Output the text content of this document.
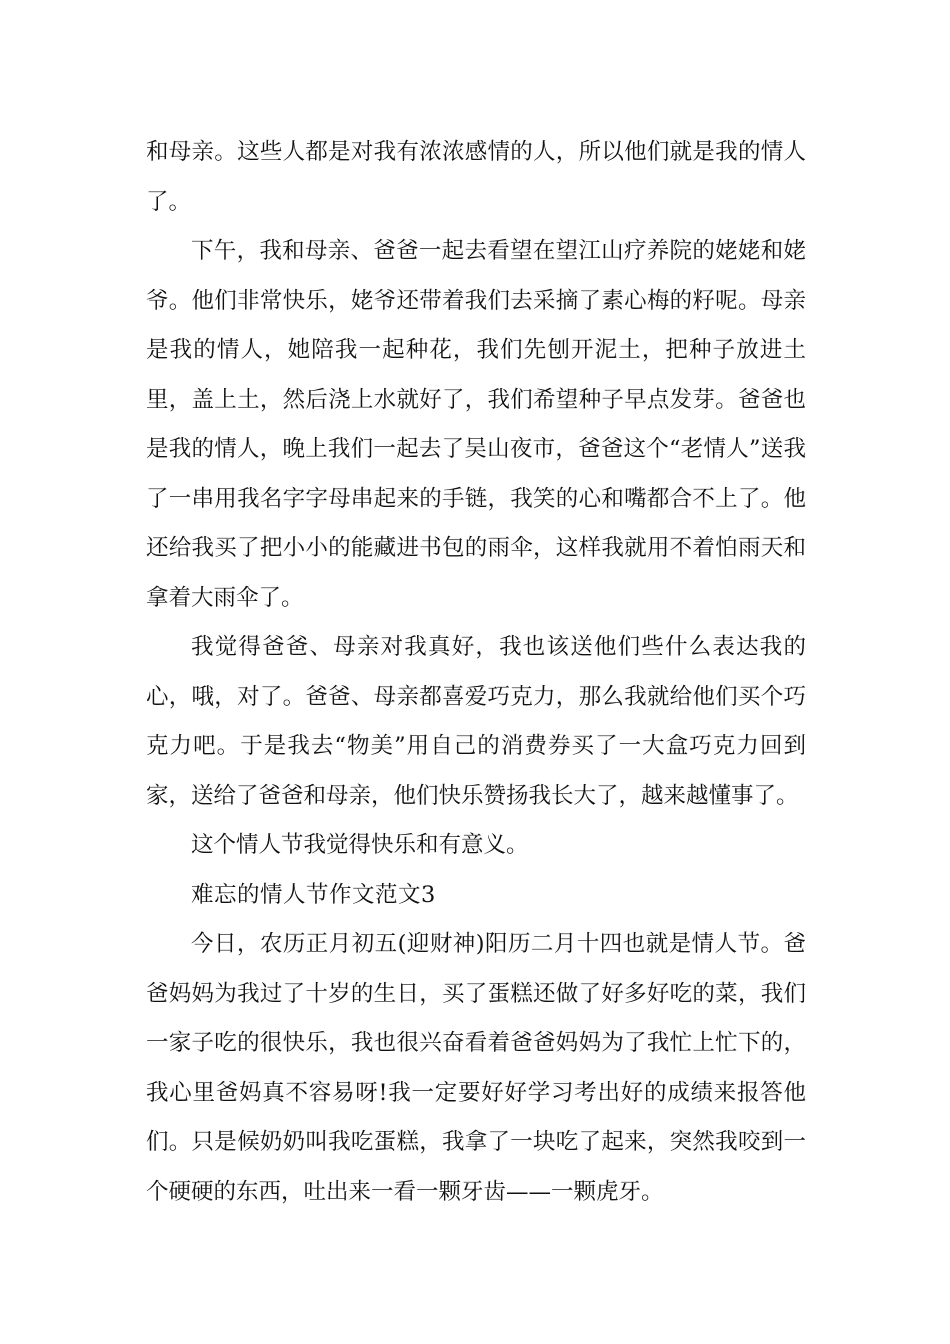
和母亲。这些人都是对我有浓浓感情的人，所以他们就是我的情人了。

下午，我和母亲、爸爸一起去看望在望江山疗养院的姥姥和姥爷。他们非常快乐，姥爷还带着我们去采摘了素心梅的籽呢。母亲是我的情人，她陪我一起种花，我们先刨开泥土，把种子放进土里，盖上土，然后浇上水就好了，我们希望种子早点发芽。爸爸也是我的情人，晚上我们一起去了吴山夜市，爸爸这个“老情人”送我了一串用我名字字母串起来的手链，我笑的心和嘴都合不上了。他还给我买了把小小的能藏进书包的雨伞，这样我就用不着怕雨天和拿着大雨伞了。

我觉得爸爸、母亲对我真好，我也该送他们些什么表达我的心，哦，对了。爸爸、母亲都喜爱巧克力，那么我就给他们买个巧克力吧。于是我去“物美”用自己的消费券买了一大盒巧克力回到家，送给了爸爸和母亲，他们快乐赞扬我长大了，越来越懂事了。

这个情人节我觉得快乐和有意义。

难忘的情人节作文范文3

今日，农历正月初五(迎财神)阳历二月十四也就是情人节。爸爸妈妈为我过了十岁的生日，买了蛋糕还做了好多好吃的菜，我们一家子吃的很快乐，我也很兴奋看着爸爸妈妈为了我忙上忙下的，我心里爸妈真不容易呀!我一定要好好学习考出好的成绩来报答他们。只是候奶奶叫我吃蛋糕，我拿了一块吃了起来，突然我咬到一个硬硬的东西，吐出来一看一颗牙齿——一颗虎牙。
